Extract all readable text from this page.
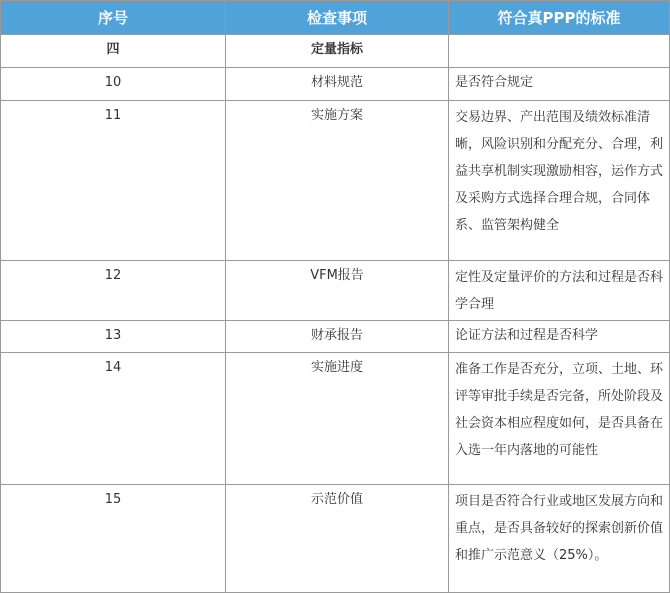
序号	检查事项	符合真PPP的标准
四	定量指标	
10	材料规范	是否符合规定
11	实施方案	交易边界、产出范围及绩效标准清晰，风险识别和分配充分、合理，利益共享机制实现激励相容，运作方式及采购方式选择合理合规，合同体系、监管架构健全
12	VFM报告	定性及定量评价的方法和过程是否科学合理
13	财承报告	论证方法和过程是否科学
14	实施进度	准备工作是否充分，立项、土地、环评等审批手续是否完备，所处阶段及社会资本相应程度如何，是否具备在入选一年内落地的可能性
15	示范价值	项目是否符合行业或地区发展方向和重点，是否具备较好的探索创新价值和推广示范意义（25%）。
